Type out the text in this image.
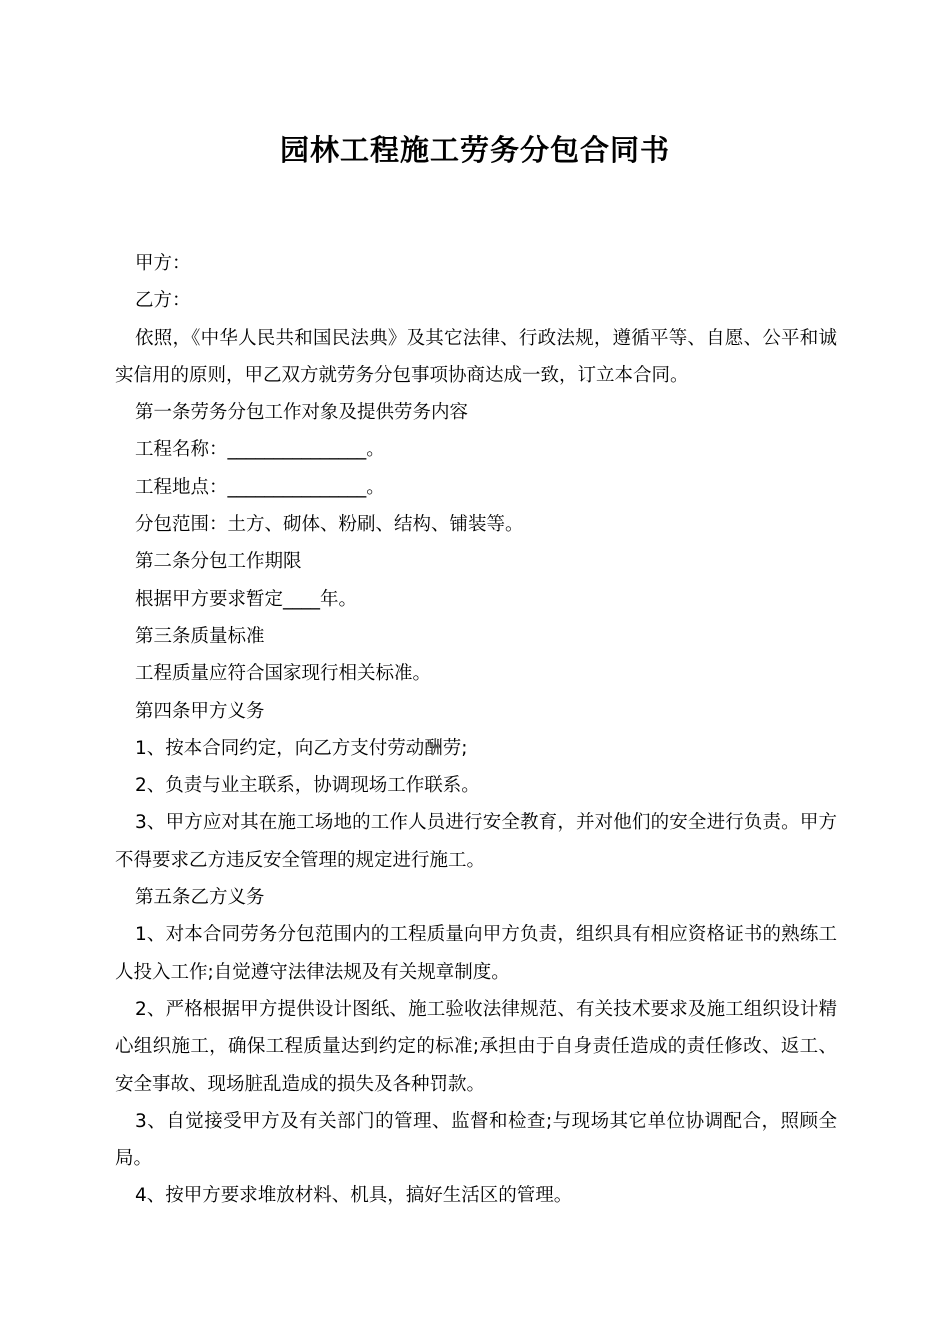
园林工程施工劳务分包合同书

甲方：

乙方：

依照，《中华人民共和国民法典》及其它法律、行政法规，遵循平等、自愿、公平和诚实信用的原则，甲乙双方就劳务分包事项协商达成一致，订立本合同。

第一条劳务分包工作对象及提供劳务内容

工程名称：_______________。

工程地点：_______________。

分包范围：土方、砌体、粉刷、结构、铺装等。

第二条分包工作期限

根据甲方要求暂定____年。

第三条质量标准

工程质量应符合国家现行相关标准。

第四条甲方义务

1、按本合同约定，向乙方支付劳动酬劳;

2、负责与业主联系，协调现场工作联系。

3、甲方应对其在施工场地的工作人员进行安全教育，并对他们的安全进行负责。甲方不得要求乙方违反安全管理的规定进行施工。

第五条乙方义务

1、对本合同劳务分包范围内的工程质量向甲方负责，组织具有相应资格证书的熟练工人投入工作;自觉遵守法律法规及有关规章制度。

2、严格根据甲方提供设计图纸、施工验收法律规范、有关技术要求及施工组织设计精心组织施工，确保工程质量达到约定的标准;承担由于自身责任造成的责任修改、返工、安全事故、现场脏乱造成的损失及各种罚款。

3、自觉接受甲方及有关部门的管理、监督和检查;与现场其它单位协调配合，照顾全局。

4、按甲方要求堆放材料、机具，搞好生活区的管理。
